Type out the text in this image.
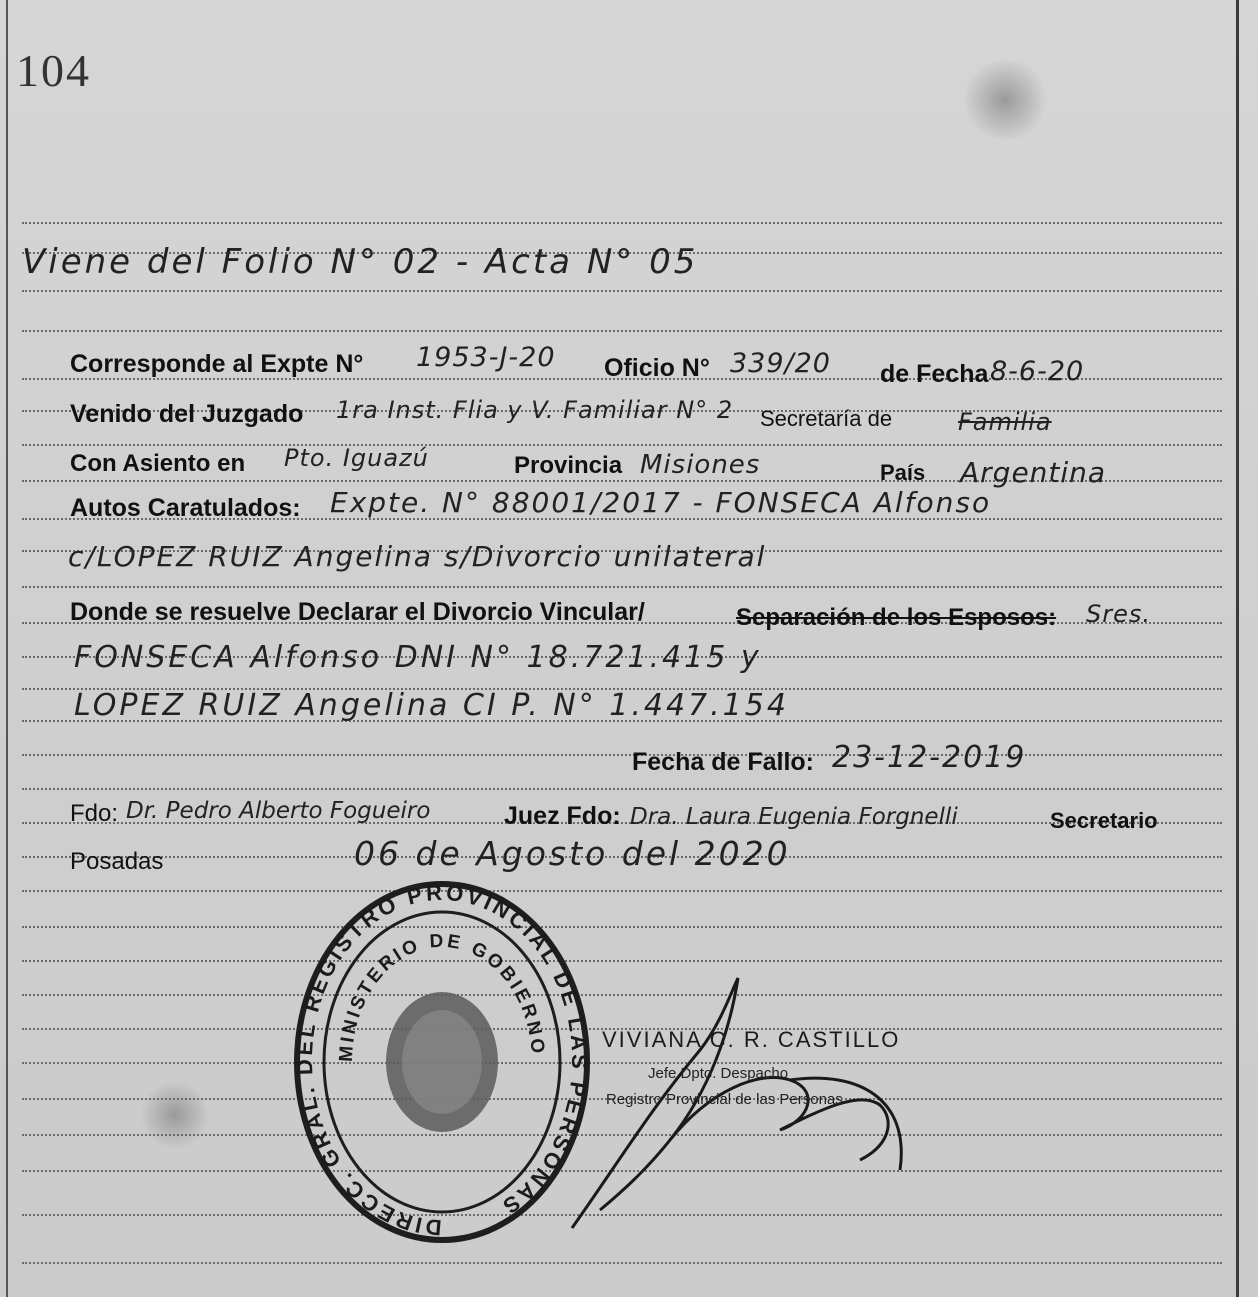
104
Viene del Folio N° 02 - Acta N° 05
Corresponde al Expte N° 1953-J-20 Oficio N° 339/20 de Fecha 8-6-20
Venido del Juzgado 1ra Inst. Flia y V. Familiar N° 2 Secretaría de	Familia
Con Asiento en Pto. Iguazú	Provincia Misiones	País Argentina
Autos Caratulados: Expte. N° 88001/2017 - FONSECA Alfonso
c/LOPEZ RUIZ Angelina s/Divorcio unilateral
Donde se resuelve Declarar el Divorcio Vincular/	Separación de los Esposos: Sres.
FONSECA Alfonso DNI N° 18.721.415 y
LOPEZ RUIZ Angelina CI P. N° 1.447.154
Fecha de Fallo: 23-12-2019
Fdo: Dr. Pedro Alberto Fogueiro	Juez Fdo: Dra. Laura Eugenia Forgnelli	Secretario
Posadas	06 de Agosto del 2020
DIRECC. GRAL. DEL REGISTRO PROVINCIAL DE LAS PERSONAS
MINISTERIO DE GOBIERNO VIVIANA C. R. CASTILLO
Jefe Dpto. Despacho
Registro Provincial de las Personas
